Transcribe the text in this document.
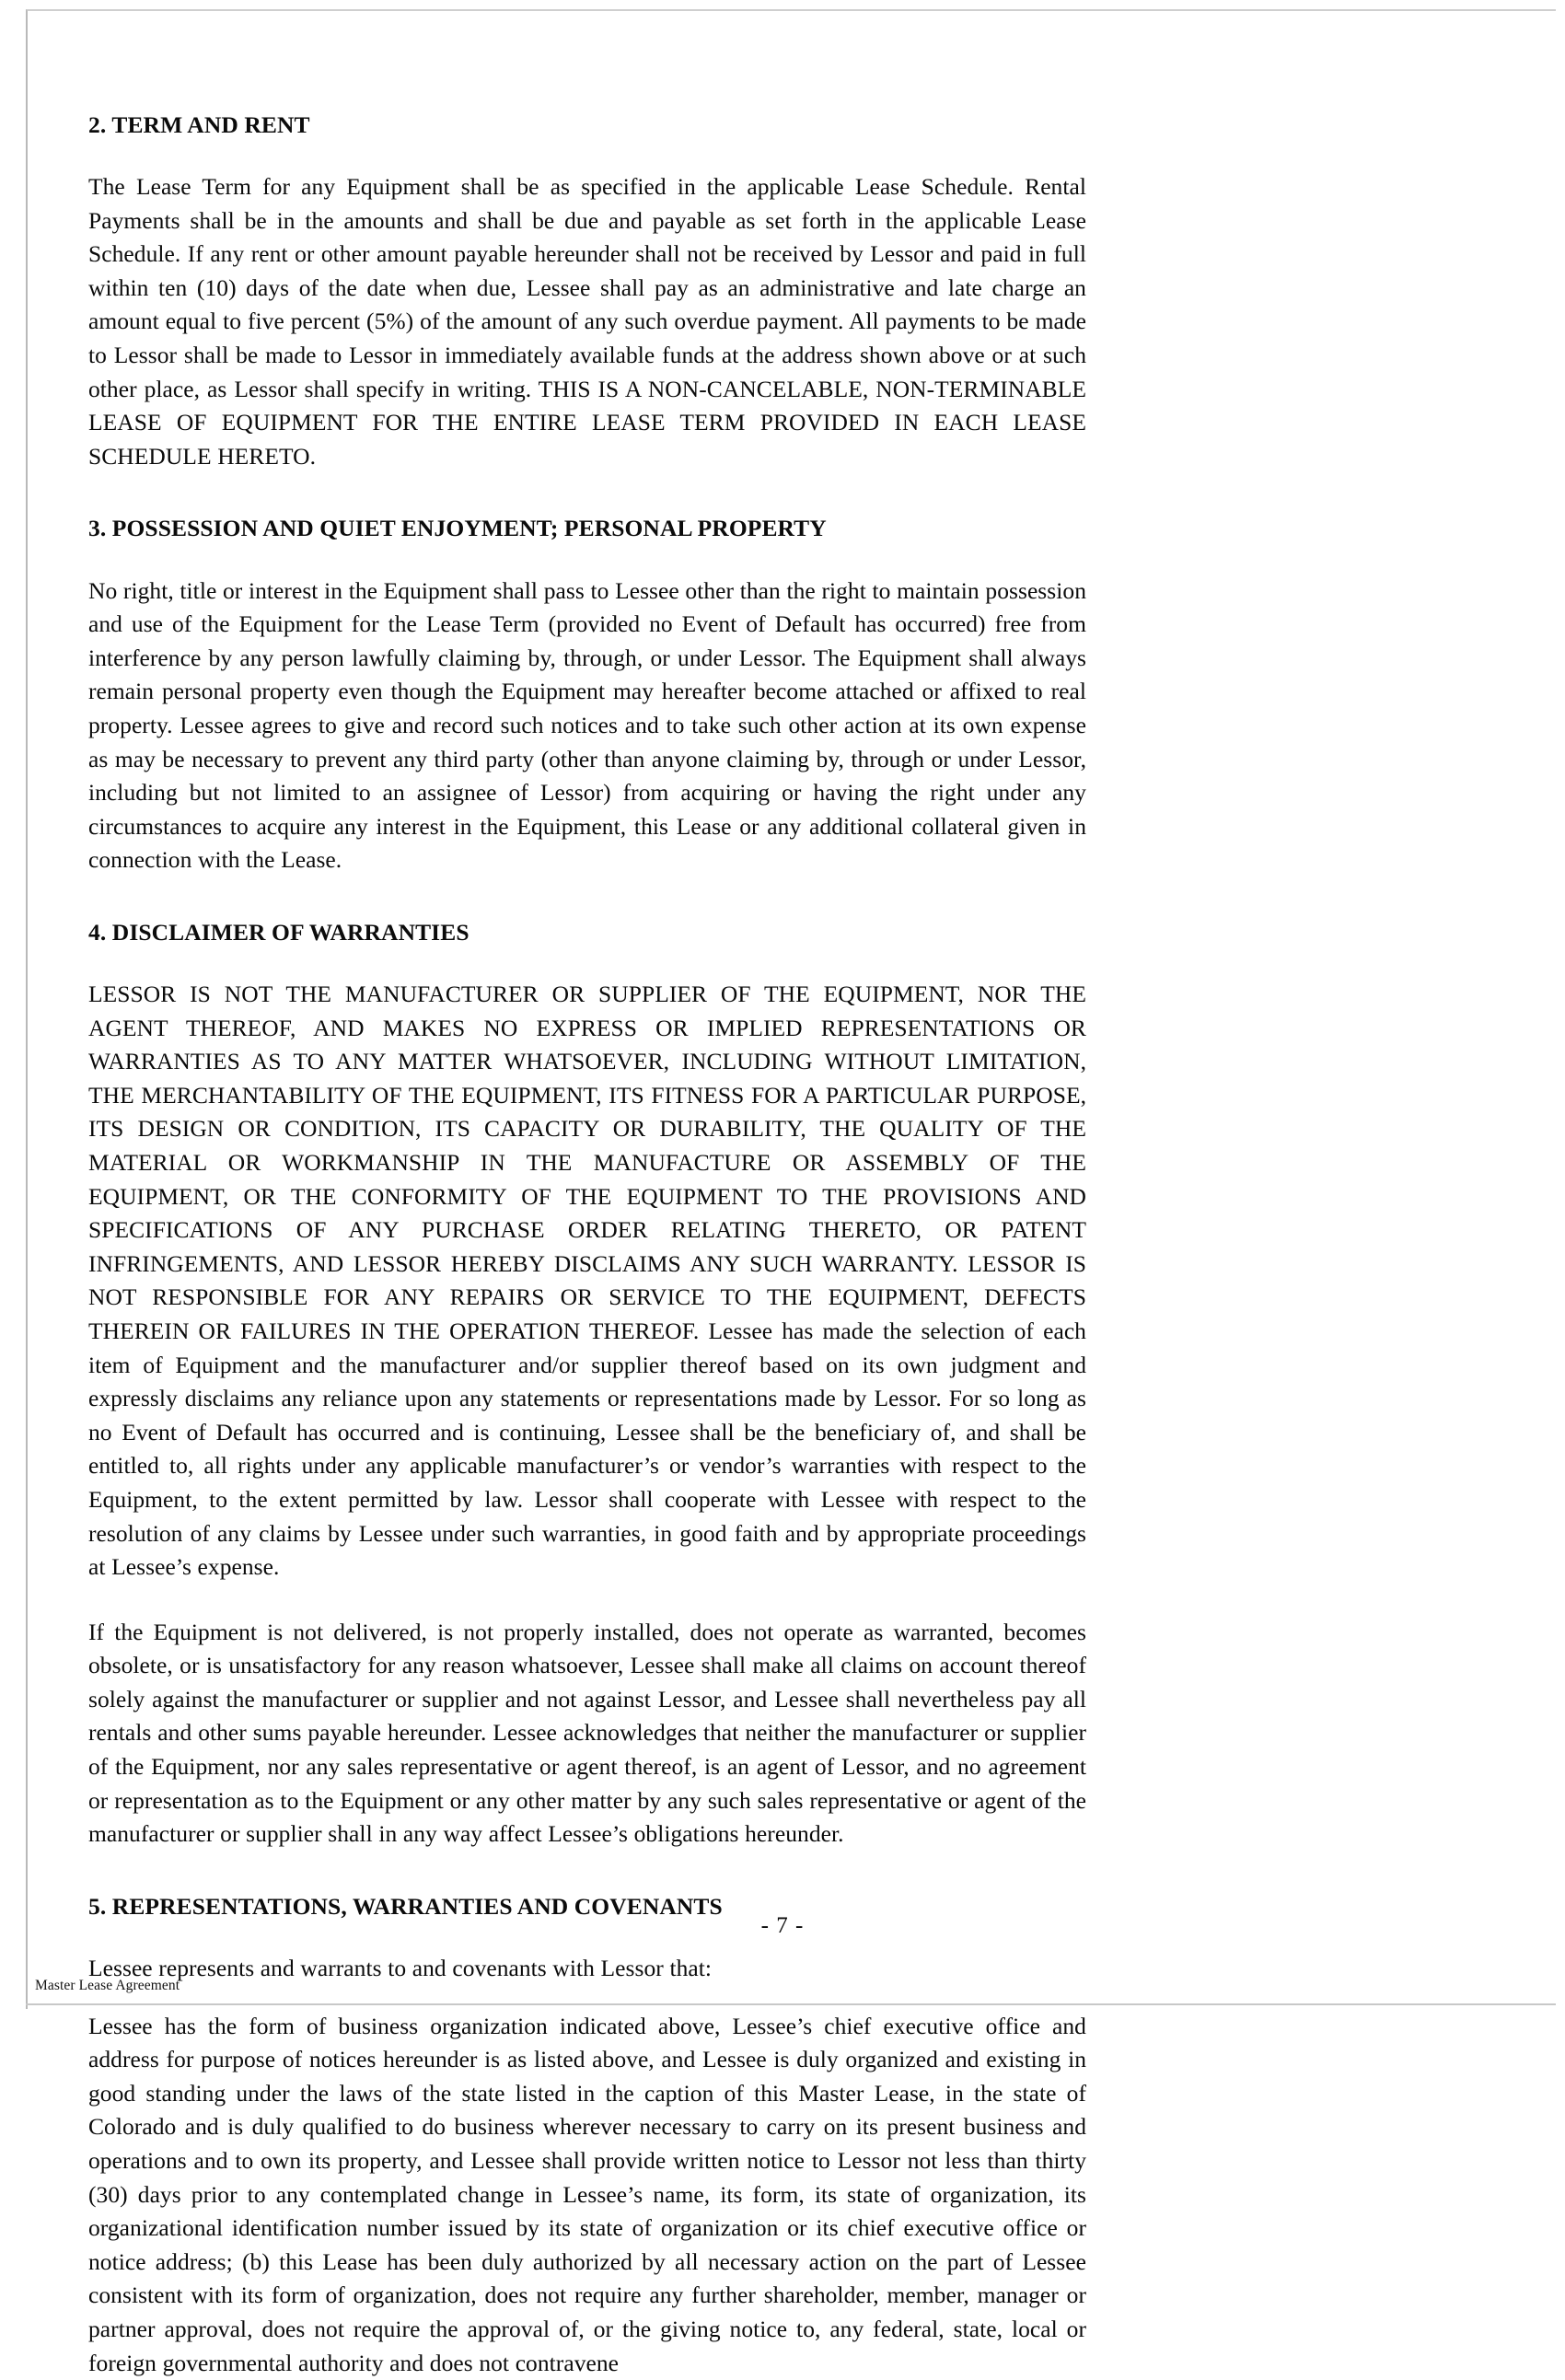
2. TERM AND RENT

The Lease Term for any Equipment shall be as specified in the applicable Lease Schedule. Rental Payments shall be in the amounts and shall be due and payable as set forth in the applicable Lease Schedule. If any rent or other amount payable hereunder shall not be received by Lessor and paid in full within ten (10) days of the date when due, Lessee shall pay as an administrative and late charge an amount equal to five percent (5%) of the amount of any such overdue payment. All payments to be made to Lessor shall be made to Lessor in immediately available funds at the address shown above or at such other place, as Lessor shall specify in writing. THIS IS A NON-CANCELABLE, NON-TERMINABLE LEASE OF EQUIPMENT FOR THE ENTIRE LEASE TERM PROVIDED IN EACH LEASE SCHEDULE HERETO.

3. POSSESSION AND QUIET ENJOYMENT; PERSONAL PROPERTY

No right, title or interest in the Equipment shall pass to Lessee other than the right to maintain possession and use of the Equipment for the Lease Term (provided no Event of Default has occurred) free from interference by any person lawfully claiming by, through, or under Lessor. The Equipment shall always remain personal property even though the Equipment may hereafter become attached or affixed to real property. Lessee agrees to give and record such notices and to take such other action at its own expense as may be necessary to prevent any third party (other than anyone claiming by, through or under Lessor, including but not limited to an assignee of Lessor) from acquiring or having the right under any circumstances to acquire any interest in the Equipment, this Lease or any additional collateral given in connection with the Lease.

4. DISCLAIMER OF WARRANTIES

LESSOR IS NOT THE MANUFACTURER OR SUPPLIER OF THE EQUIPMENT, NOR THE AGENT THEREOF, AND MAKES NO EXPRESS OR IMPLIED REPRESENTATIONS OR WARRANTIES AS TO ANY MATTER WHATSOEVER, INCLUDING WITHOUT LIMITATION, THE MERCHANTABILITY OF THE EQUIPMENT, ITS FITNESS FOR A PARTICULAR PURPOSE, ITS DESIGN OR CONDITION, ITS CAPACITY OR DURABILITY, THE QUALITY OF THE MATERIAL OR WORKMANSHIP IN THE MANUFACTURE OR ASSEMBLY OF THE EQUIPMENT, OR THE CONFORMITY OF THE EQUIPMENT TO THE PROVISIONS AND SPECIFICATIONS OF ANY PURCHASE ORDER RELATING THERETO, OR PATENT INFRINGEMENTS, AND LESSOR HEREBY DISCLAIMS ANY SUCH WARRANTY. LESSOR IS NOT RESPONSIBLE FOR ANY REPAIRS OR SERVICE TO THE EQUIPMENT, DEFECTS THEREIN OR FAILURES IN THE OPERATION THEREOF. Lessee has made the selection of each item of Equipment and the manufacturer and/or supplier thereof based on its own judgment and expressly disclaims any reliance upon any statements or representations made by Lessor. For so long as no Event of Default has occurred and is continuing, Lessee shall be the beneficiary of, and shall be entitled to, all rights under any applicable manufacturer’s or vendor’s warranties with respect to the Equipment, to the extent permitted by law. Lessor shall cooperate with Lessee with respect to the resolution of any claims by Lessee under such warranties, in good faith and by appropriate proceedings at Lessee’s expense.

If the Equipment is not delivered, is not properly installed, does not operate as warranted, becomes obsolete, or is unsatisfactory for any reason whatsoever, Lessee shall make all claims on account thereof solely against the manufacturer or supplier and not against Lessor, and Lessee shall nevertheless pay all rentals and other sums payable hereunder. Lessee acknowledges that neither the manufacturer or supplier of the Equipment, nor any sales representative or agent thereof, is an agent of Lessor, and no agreement or representation as to the Equipment or any other matter by any such sales representative or agent of the manufacturer or supplier shall in any way affect Lessee’s obligations hereunder.

5. REPRESENTATIONS, WARRANTIES AND COVENANTS

Lessee represents and warrants to and covenants with Lessor that:

Lessee has the form of business organization indicated above, Lessee’s chief executive office and address for purpose of notices hereunder is as listed above, and Lessee is duly organized and existing in good standing under the laws of the state listed in the caption of this Master Lease, in the state of Colorado and is duly qualified to do business wherever necessary to carry on its present business and operations and to own its property, and Lessee shall provide written notice to Lessor not less than thirty (30) days prior to any contemplated change in Lessee’s name, its form, its state of organization, its organizational identification number issued by its state of organization or its chief executive office or notice address; (b) this Lease has been duly authorized by all necessary action on the part of Lessee consistent with its form of organization, does not require any further shareholder, member, manager or partner approval, does not require the approval of, or the giving notice to, any federal, state, local or foreign governmental authority and does not contravene

- 7 -
Master Lease Agreement
